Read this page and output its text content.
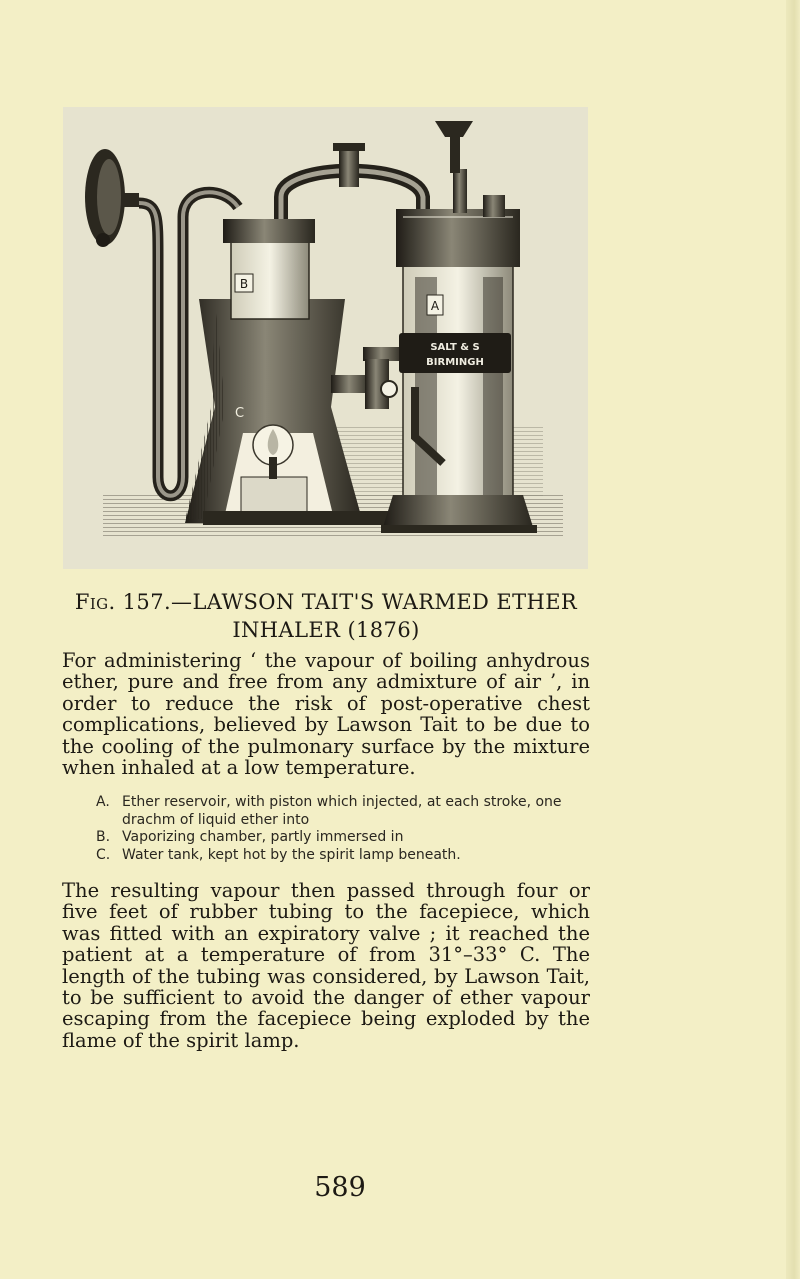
B
C
A
SALT & S
BIRMINGH
Fig. 157.—LAWSON TAIT'S WARMED ETHER
INHALER (1876)

For administering ‘ the vapour of boiling anhydrous ether, pure and free from any admixture of air ’, in order to reduce the risk of post-operative chest complications, believed by Lawson Tait to be due to the cooling of the pulmonary surface by the mixture when inhaled at a low temperature.

A. Ether reservoir, with piston which injected, at each stroke, one drachm of liquid ether into
B. Vaporizing chamber, partly immersed in
C. Water tank, kept hot by the spirit lamp beneath.

The resulting vapour then passed through four or five feet of rubber tubing to the facepiece, which was fitted with an expiratory valve ; it reached the patient at a temperature of from 31°–33° C. The length of the tubing was considered, by Lawson Tait, to be sufficient to avoid the danger of ether vapour escaping from the facepiece being exploded by the flame of the spirit lamp.

589
